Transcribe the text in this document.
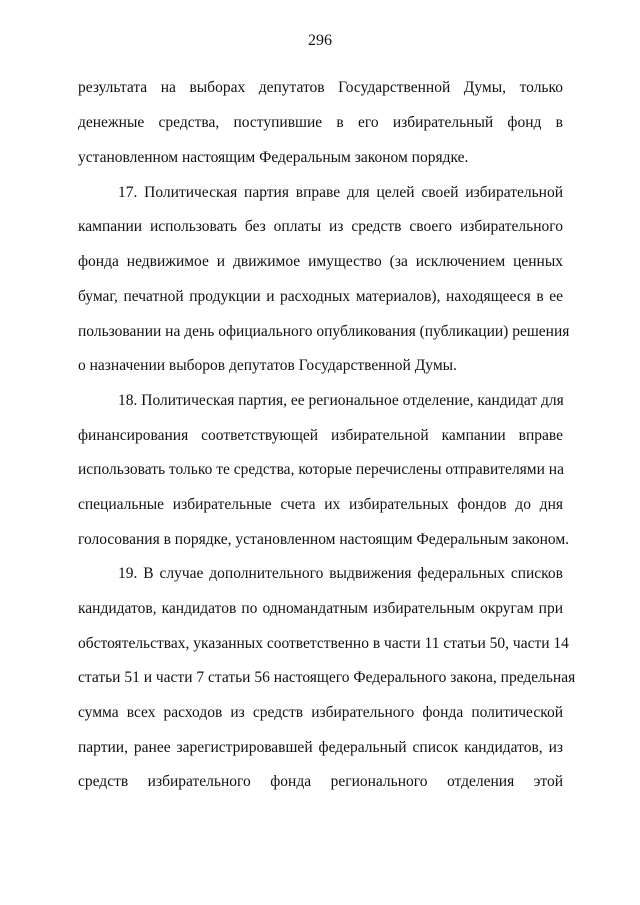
296
результата на выборах депутатов Государственной Думы, только
денежные средства, поступившие в его избирательный фонд в
установленном настоящим Федеральным законом порядке.
17. Политическая партия вправе для целей своей избирательной
кампании использовать без оплаты из средств своего избирательного
фонда недвижимое и движимое имущество (за исключением ценных
бумаг, печатной продукции и расходных материалов), находящееся в ее
пользовании на день официального опубликования (публикации) решения
о назначении выборов депутатов Государственной Думы.
18. Политическая партия, ее региональное отделение, кандидат для
финансирования соответствующей избирательной кампании вправе
использовать только те средства, которые перечислены отправителями на
специальные избирательные счета их избирательных фондов до дня
голосования в порядке, установленном настоящим Федеральным законом.
19. В случае дополнительного выдвижения федеральных списков
кандидатов, кандидатов по одномандатным избирательным округам при
обстоятельствах, указанных соответственно в части 11 статьи 50, части 14
статьи 51 и части 7 статьи 56 настоящего Федерального закона, предельная
сумма всех расходов из средств избирательного фонда политической
партии, ранее зарегистрировавшей федеральный список кандидатов, из
средств избирательного фонда регионального отделения этой
